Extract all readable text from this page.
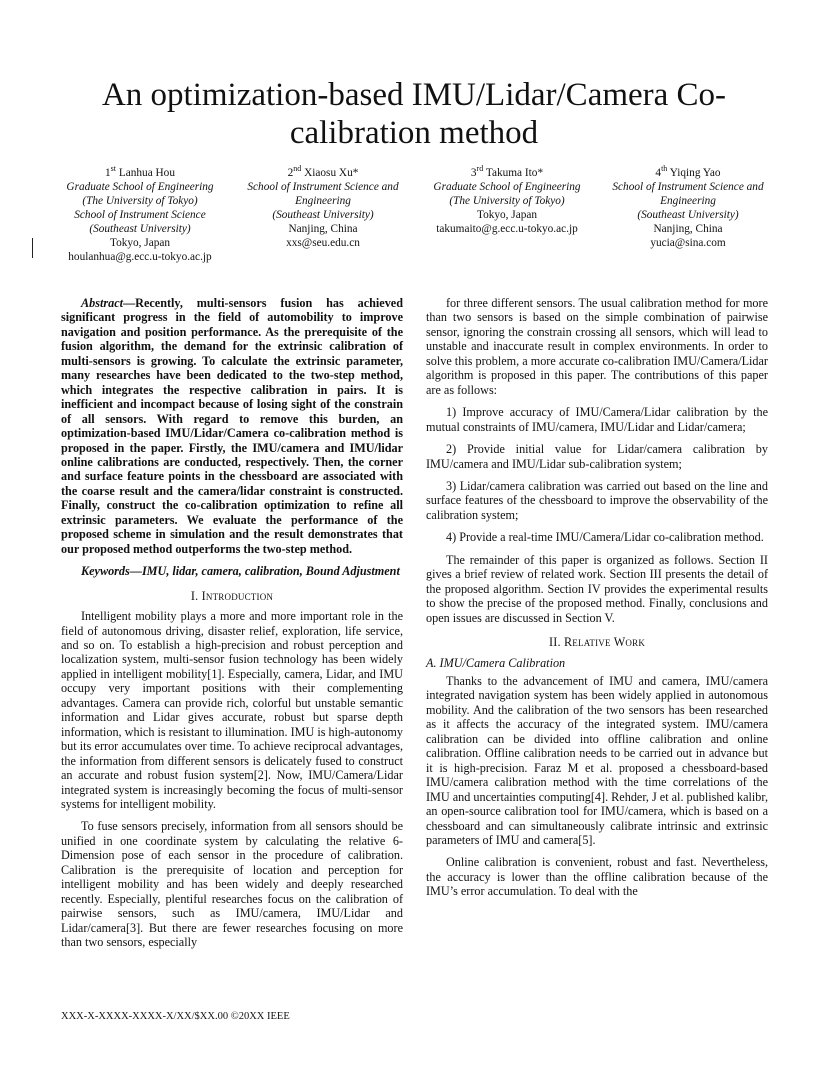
An optimization-based IMU/Lidar/Camera Co-
calibration method
1st Lanhua Hou
Graduate School of Engineering
(The University of Tokyo)
School of Instrument Science
(Southeast University)
Tokyo, Japan
houlanhua@g.ecc.u-tokyo.ac.jp
2nd Xiaosu Xu*
School of Instrument Science and
Engineering
(Southeast University)
Nanjing, China
xxs@seu.edu.cn
3rd Takuma Ito*
Graduate School of Engineering
(The University of Tokyo)
Tokyo, Japan
takumaito@g.ecc.u-tokyo.ac.jp
4th Yiqing Yao
School of Instrument Science and
Engineering
(Southeast University)
Nanjing, China
yucia@sina.com

Abstract—Recently, multi-sensors fusion has achieved significant progress in the field of automobility to improve navigation and position performance. As the prerequisite of the fusion algorithm, the demand for the extrinsic calibration of multi-sensors is growing. To calculate the extrinsic parameter, many researches have been dedicated to the two-step method, which integrates the respective calibration in pairs. It is inefficient and incompact because of losing sight of the constrain of all sensors. With regard to remove this burden, an optimization-based IMU/Lidar/Camera co-calibration method is proposed in the paper. Firstly, the IMU/camera and IMU/lidar online calibrations are conducted, respectively. Then, the corner and surface feature points in the chessboard are associated with the coarse result and the camera/lidar constraint is constructed. Finally, construct the co-calibration optimization to refine all extrinsic parameters. We evaluate the performance of the proposed scheme in simulation and the result demonstrates that our proposed method outperforms the two-step method.

Keywords—IMU, lidar, camera, calibration, Bound Adjustment

I. Introduction

Intelligent mobility plays a more and more important role in the field of autonomous driving, disaster relief, exploration, life service, and so on. To establish a high-precision and robust perception and localization system, multi-sensor fusion technology has been widely applied in intelligent mobility[1]. Especially, camera, Lidar, and IMU occupy very important positions with their complementing advantages. Camera can provide rich, colorful but unstable semantic information and Lidar gives accurate, robust but sparse depth information, which is resistant to illumination. IMU is high-autonomy but its error accumulates over time. To achieve reciprocal advantages, the information from different sensors is delicately fused to construct an accurate and robust fusion system[2]. Now, IMU/Camera/Lidar integrated system is increasingly becoming the focus of multi-sensor systems for intelligent mobility.

To fuse sensors precisely, information from all sensors should be unified in one coordinate system by calculating the relative 6-Dimension pose of each sensor in the procedure of calibration. Calibration is the prerequisite of location and perception for intelligent mobility and has been widely and deeply researched recently. Especially, plentiful researches focus on the calibration of pairwise sensors, such as IMU/camera, IMU/Lidar and Lidar/camera[3]. But there are fewer researches focusing on more than two sensors, especially

for three different sensors. The usual calibration method for more than two sensors is based on the simple combination of pairwise sensor, ignoring the constrain crossing all sensors, which will lead to unstable and inaccurate result in complex environments. In order to solve this problem, a more accurate co-calibration IMU/Camera/Lidar algorithm is proposed in this paper. The contributions of this paper are as follows:

1) Improve accuracy of IMU/Camera/Lidar calibration by the mutual constraints of IMU/camera, IMU/Lidar and Lidar/camera;

2) Provide initial value for Lidar/camera calibration by IMU/camera and IMU/Lidar sub-calibration system;

3) Lidar/camera calibration was carried out based on the line and surface features of the chessboard to improve the observability of the calibration system;

4) Provide a real-time IMU/Camera/Lidar co-calibration method.

The remainder of this paper is organized as follows. Section II gives a brief review of related work. Section III presents the detail of the proposed algorithm. Section IV provides the experimental results to show the precise of the proposed method. Finally, conclusions and open issues are discussed in Section V.

II. Relative Work
A. IMU/Camera Calibration

Thanks to the advancement of IMU and camera, IMU/camera integrated navigation system has been widely applied in autonomous mobility. And the calibration of the two sensors has been researched as it affects the accuracy of the integrated system. IMU/camera calibration can be divided into offline calibration and online calibration. Offline calibration needs to be carried out in advance but it is high-precision. Faraz M et al. proposed a chessboard-based IMU/camera calibration method with the time correlations of the IMU and uncertainties computing[4]. Rehder, J et al. published kalibr, an open-source calibration tool for IMU/camera, which is based on a chessboard and can simultaneously calibrate intrinsic and extrinsic parameters of IMU and camera[5].

Online calibration is convenient, robust and fast. Nevertheless, the accuracy is lower than the offline calibration because of the IMU’s error accumulation. To deal with the

XXX-X-XXXX-XXXX-X/XX/$XX.00 ©20XX IEEE
